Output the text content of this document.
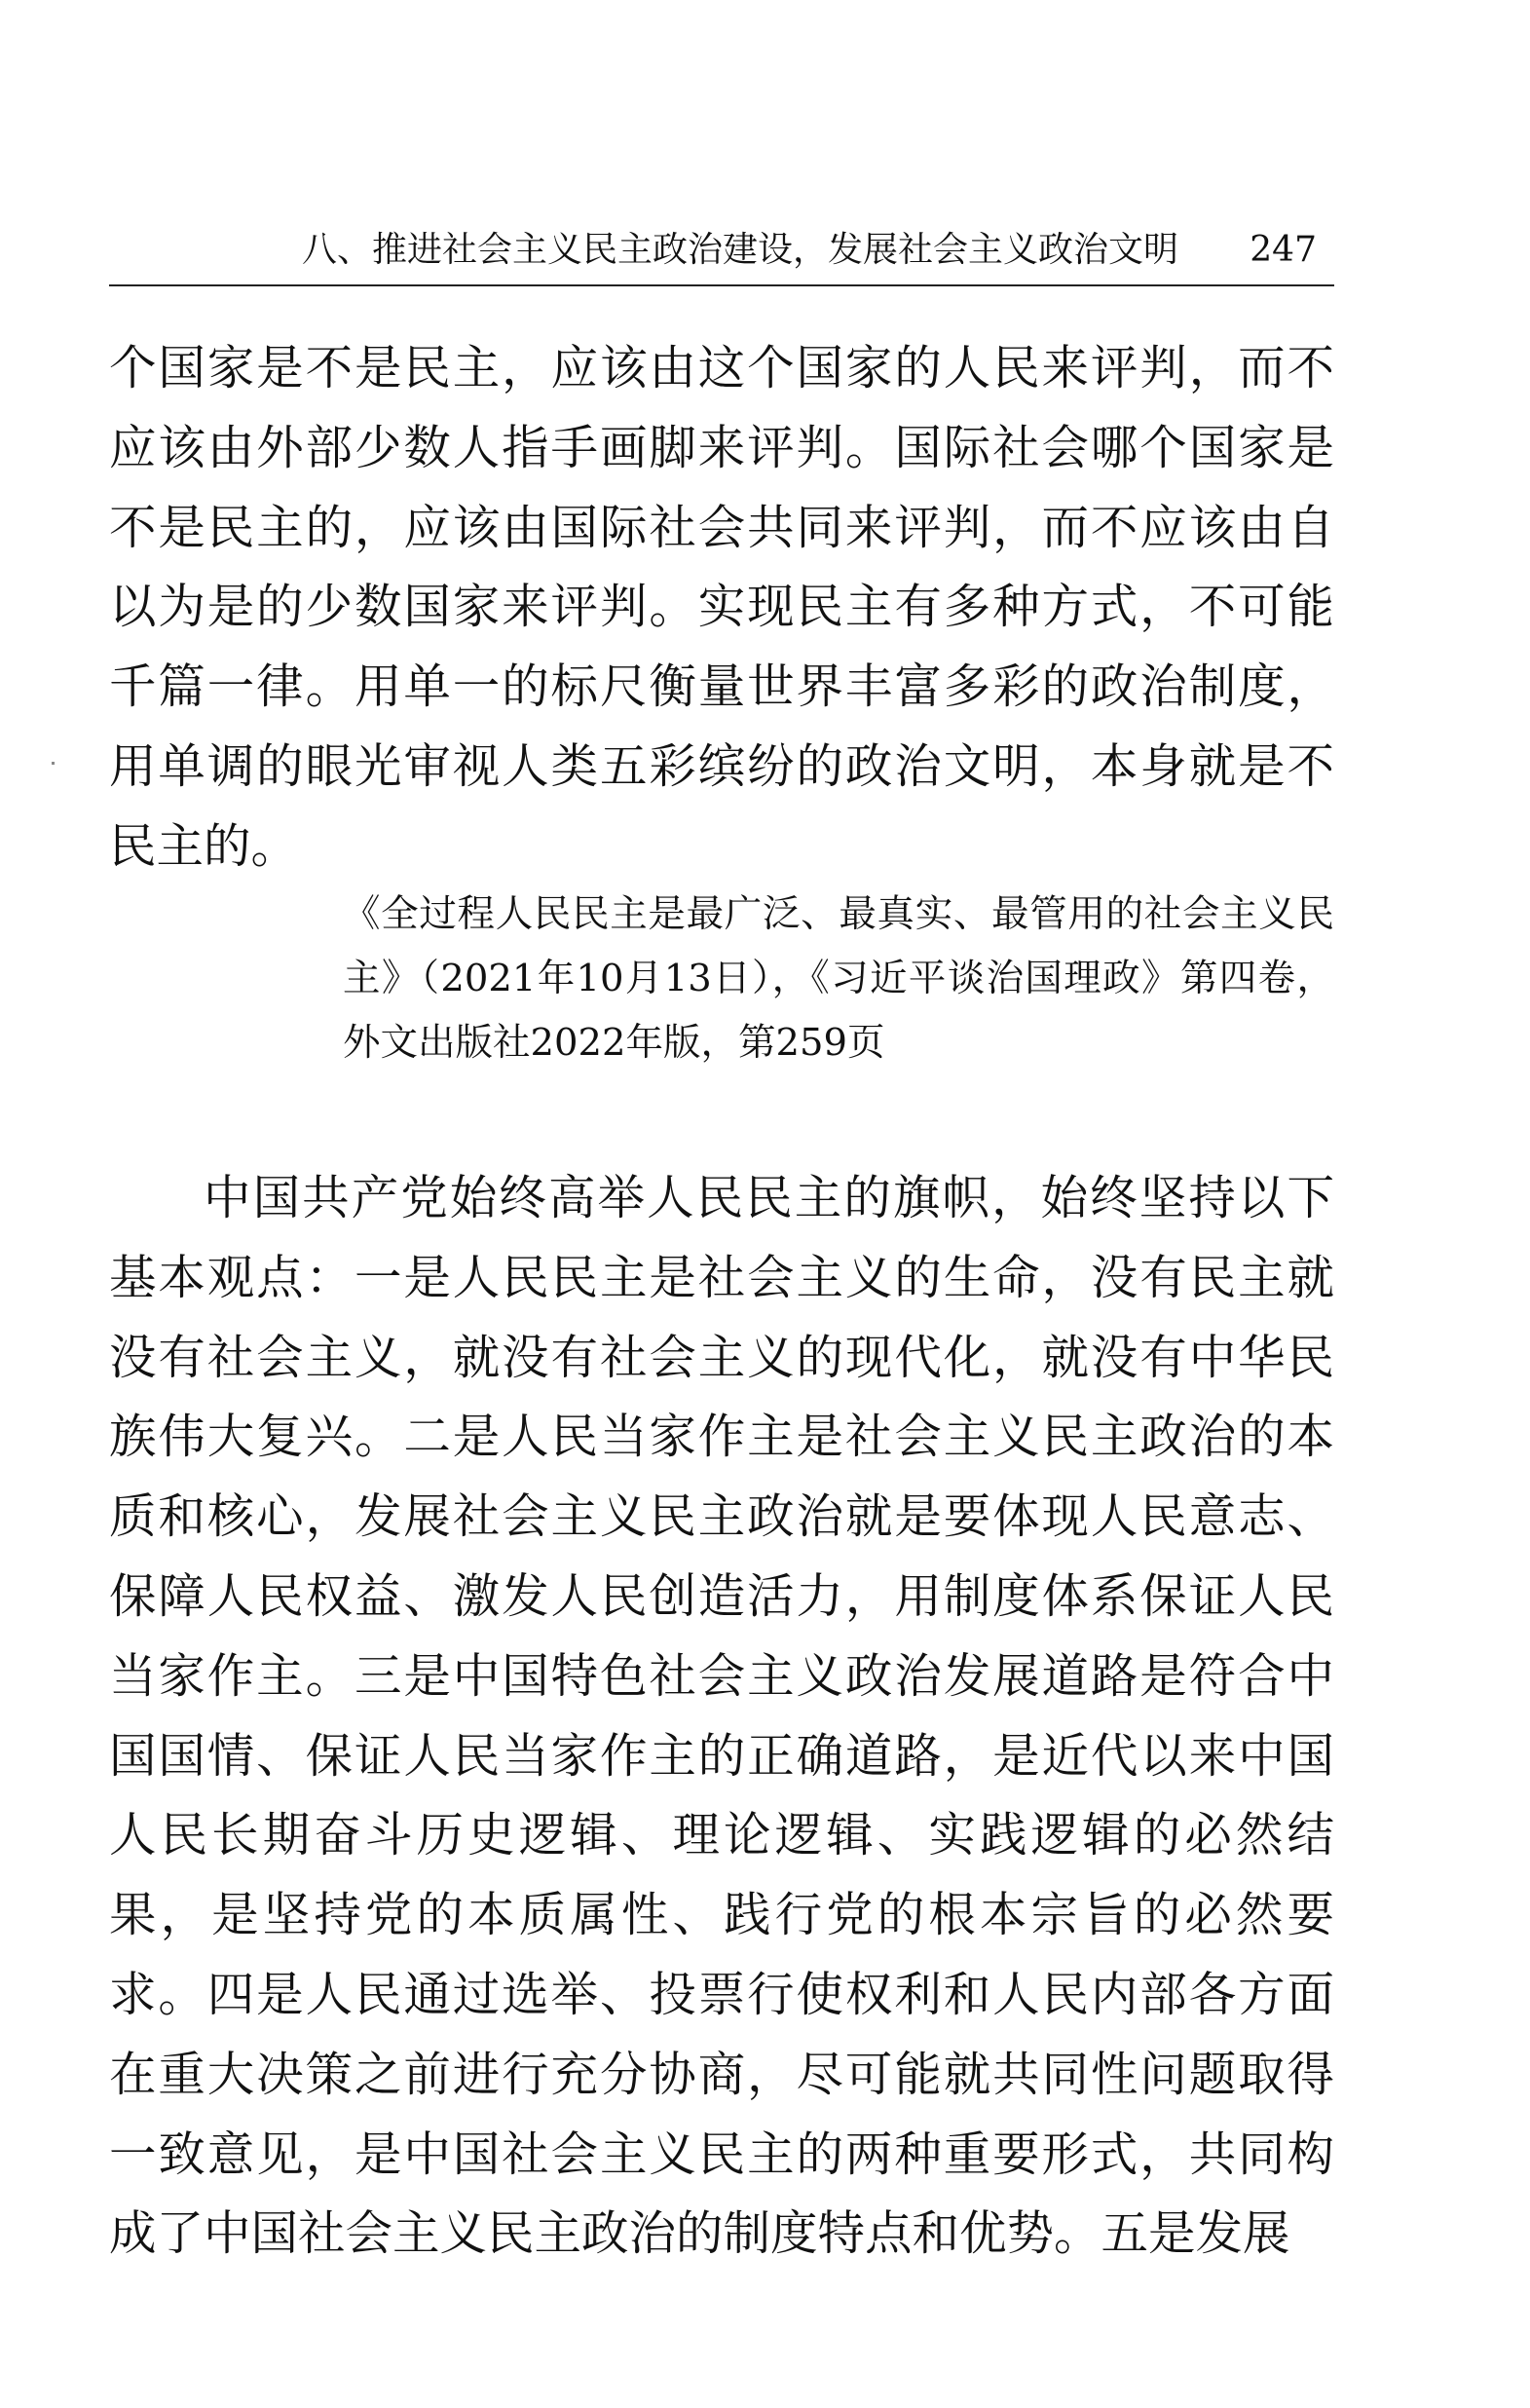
八、推进社会主义民主政治建设，发展社会主义政治文明 247

个国家是不是民主，应该由这个国家的人民来评判，而不应该由外部少数人指手画脚来评判。国际社会哪个国家是不是民主的，应该由国际社会共同来评判，而不应该由自以为是的少数国家来评判。实现民主有多种方式，不可能千篇一律。用单一的标尺衡量世界丰富多彩的政治制度，用单调的眼光审视人类五彩缤纷的政治文明，本身就是不民主的。

《全过程人民民主是最广泛、最真实、最管用的社会主义民主》（2021年10月13日），《习近平谈治国理政》第四卷，外文出版社2022年版，第259页

中国共产党始终高举人民民主的旗帜，始终坚持以下基本观点：一是人民民主是社会主义的生命，没有民主就没有社会主义，就没有社会主义的现代化，就没有中华民族伟大复兴。二是人民当家作主是社会主义民主政治的本质和核心，发展社会主义民主政治就是要体现人民意志、保障人民权益、激发人民创造活力，用制度体系保证人民当家作主。三是中国特色社会主义政治发展道路是符合中国国情、保证人民当家作主的正确道路，是近代以来中国人民长期奋斗历史逻辑、理论逻辑、实践逻辑的必然结果，是坚持党的本质属性、践行党的根本宗旨的必然要求。四是人民通过选举、投票行使权利和人民内部各方面在重大决策之前进行充分协商，尽可能就共同性问题取得一致意见，是中国社会主义民主的两种重要形式，共同构成了中国社会主义民主政治的制度特点和优势。五是发展
